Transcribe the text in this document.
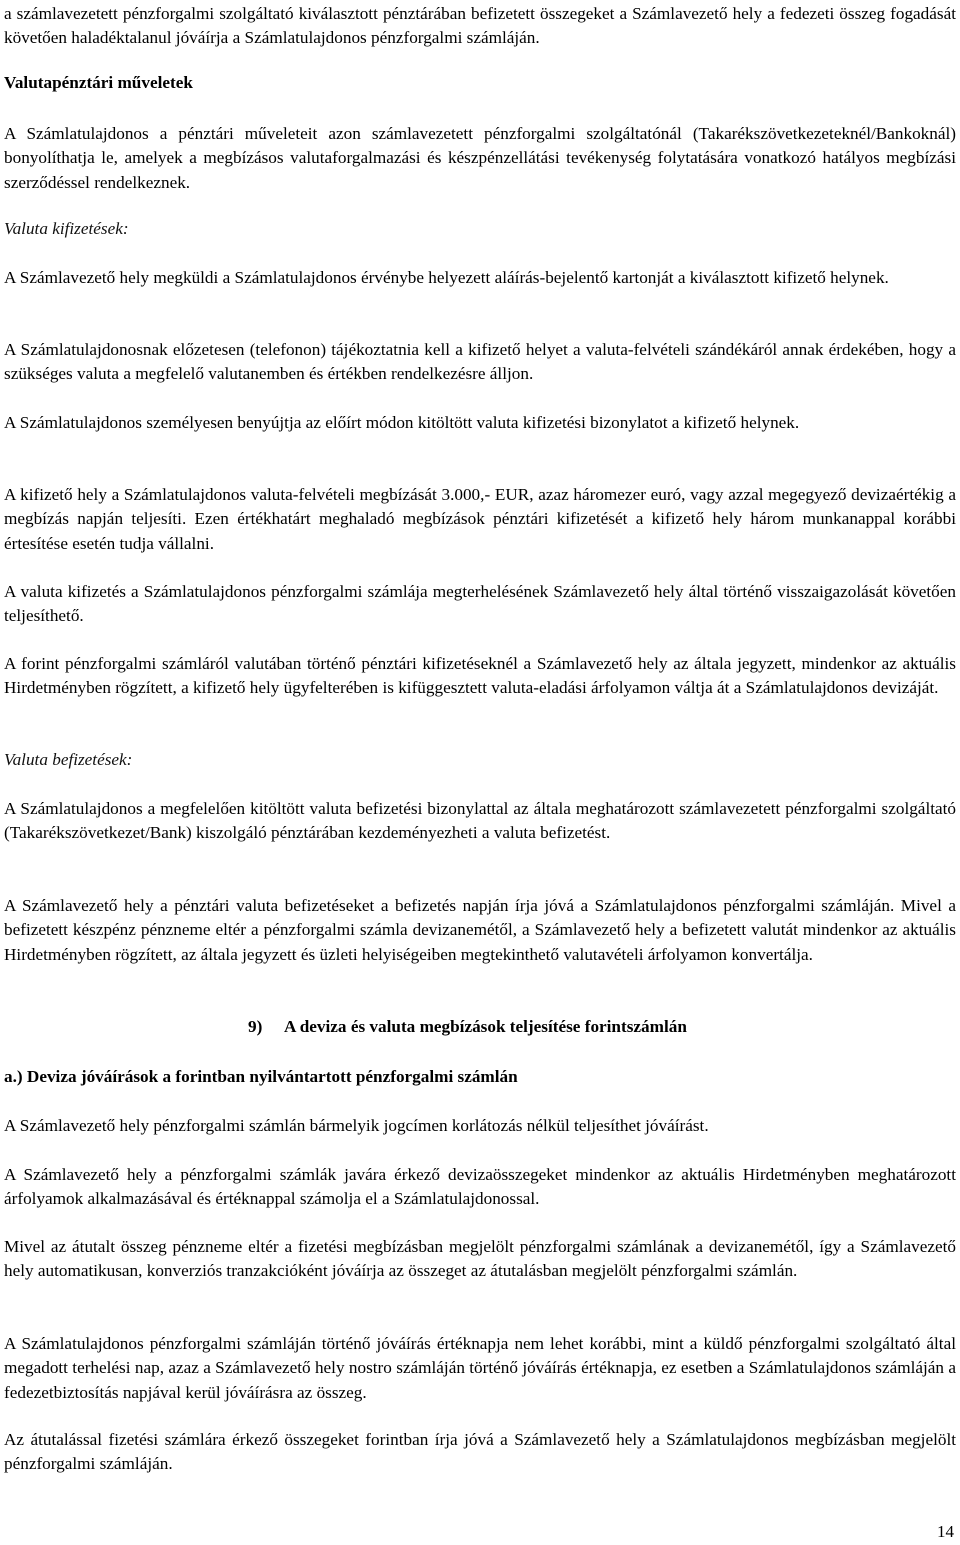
a számlavezetett pénzforgalmi szolgáltató kiválasztott pénztárában befizetett összegeket a Számlavezető hely a fedezeti összeg fogadását követően haladéktalanul jóváírja a Számlatulajdonos pénzforgalmi számláján.

Valutapénztári műveletek

A Számlatulajdonos a pénztári műveleteit azon számlavezetett pénzforgalmi szolgáltatónál (Takarékszövetkezeteknél/Bankoknál) bonyolíthatja le, amelyek a megbízásos valutaforgalmazási és készpénzellátási tevékenység folytatására vonatkozó hatályos megbízási szerződéssel rendelkeznek.

Valuta kifizetések:

A Számlavezető hely megküldi a Számlatulajdonos érvénybe helyezett aláírás-bejelentő kartonját a kiválasztott kifizető helynek.

A Számlatulajdonosnak előzetesen (telefonon) tájékoztatnia kell a kifizető helyet a valuta-felvételi szándékáról annak érdekében, hogy a szükséges valuta a megfelelő valutanemben és értékben rendelkezésre álljon.

A Számlatulajdonos személyesen benyújtja az előírt módon kitöltött valuta kifizetési bizonylatot a kifizető helynek.

A kifizető hely a Számlatulajdonos valuta-felvételi megbízását 3.000,- EUR, azaz háromezer euró, vagy azzal megegyező devizaértékig a megbízás napján teljesíti. Ezen értékhatárt meghaladó megbízások pénztári kifizetését a kifizető hely három munkanappal korábbi értesítése esetén tudja vállalni.

A valuta kifizetés a Számlatulajdonos pénzforgalmi számlája megterhelésének Számlavezető hely által történő visszaigazolását követően teljesíthető.

A forint pénzforgalmi számláról valutában történő pénztári kifizetéseknél a Számlavezető hely az általa jegyzett, mindenkor az aktuális Hirdetményben rögzített, a kifizető hely ügyfelterében is kifüggesztett valuta-eladási árfolyamon váltja át a Számlatulajdonos devizáját.

Valuta befizetések:

A Számlatulajdonos a megfelelően kitöltött valuta befizetési bizonylattal az általa meghatározott számlavezetett pénzforgalmi szolgáltató (Takarékszövetkezet/Bank) kiszolgáló pénztárában kezdeményezheti a valuta befizetést.

A Számlavezető hely a pénztári valuta befizetéseket a befizetés napján írja jóvá a Számlatulajdonos pénzforgalmi számláján. Mivel a befizetett készpénz pénzneme eltér a pénzforgalmi számla devizanemétől, a Számlavezető hely a befizetett valutát mindenkor az aktuális Hirdetményben rögzített, az általa jegyzett és üzleti helyiségeiben megtekinthető valutavételi árfolyamon konvertálja.

9) A deviza és valuta megbízások teljesítése forintszámlán

a.) Deviza jóváírások a forintban nyilvántartott pénzforgalmi számlán

A Számlavezető hely pénzforgalmi számlán bármelyik jogcímen korlátozás nélkül teljesíthet jóváírást.

A Számlavezető hely a pénzforgalmi számlák javára érkező devizaösszegeket mindenkor az aktuális Hirdetményben meghatározott árfolyamok alkalmazásával és értéknappal számolja el a Számlatulajdonossal.

Mivel az átutalt összeg pénzneme eltér a fizetési megbízásban megjelölt pénzforgalmi számlának a devizanemétől, így a Számlavezető hely automatikusan, konverziós tranzakcióként jóváírja az összeget az átutalásban megjelölt pénzforgalmi számlán.

A Számlatulajdonos pénzforgalmi számláján történő jóváírás értéknapja nem lehet korábbi, mint a küldő pénzforgalmi szolgáltató által megadott terhelési nap, azaz a Számlavezető hely nostro számláján történő jóváírás értéknapja, ez esetben a Számlatulajdonos számláján a fedezetbiztosítás napjával kerül jóváírásra az összeg.

Az átutalással fizetési számlára érkező összegeket forintban írja jóvá a Számlavezető hely a Számlatulajdonos megbízásban megjelölt pénzforgalmi számláján.

14
